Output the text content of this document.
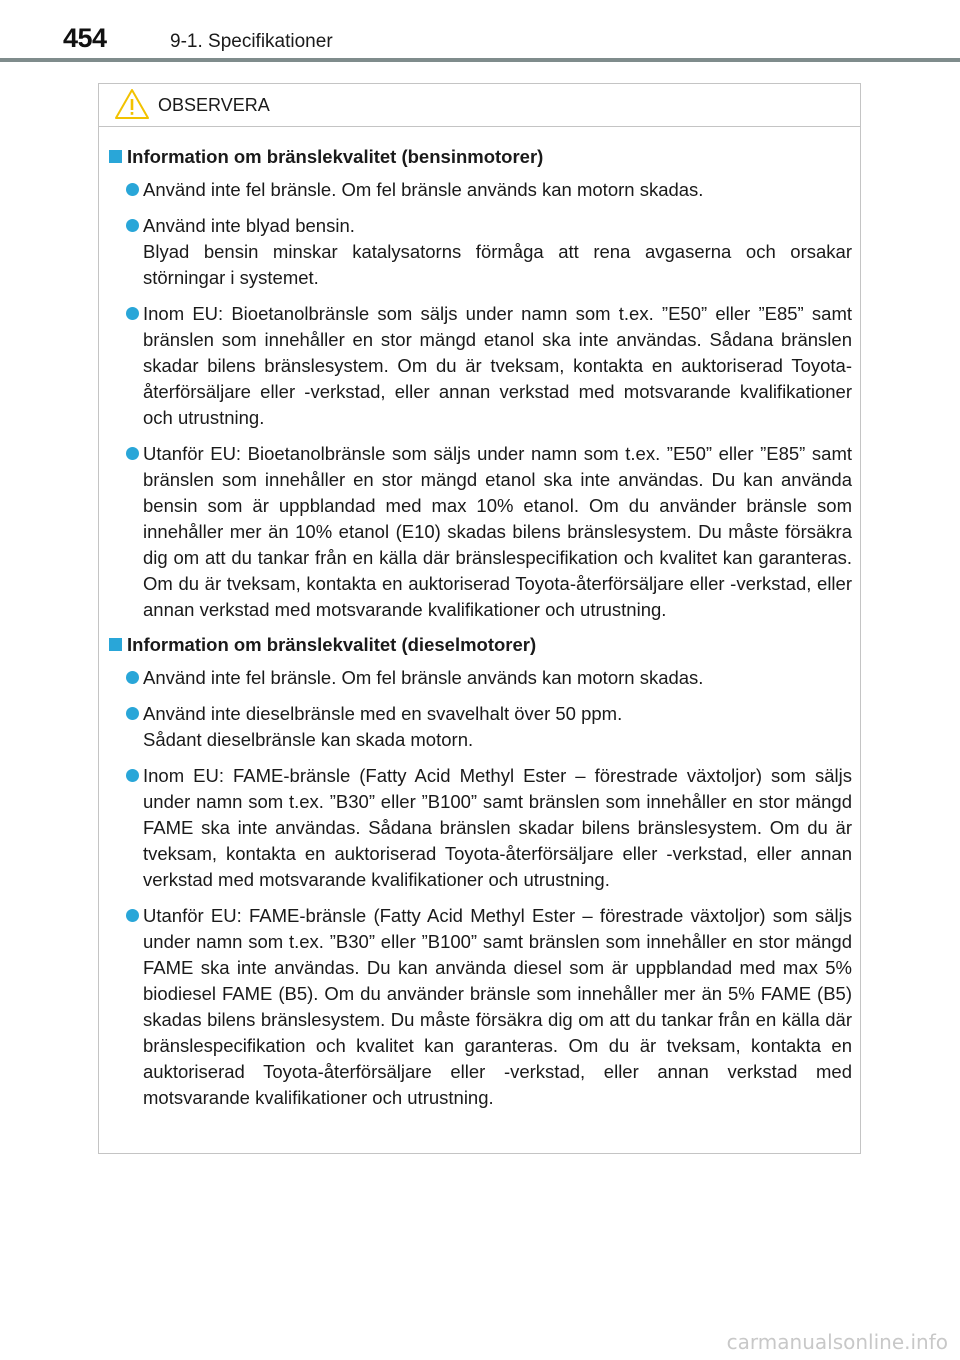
454	9-1. Specifikationer
OBSERVERA
Information om bränslekvalitet (bensinmotorer)

Använd inte fel bränsle. Om fel bränsle används kan motorn skadas.

Använd inte blyad bensin.

Blyad bensin minskar katalysatorns förmåga att rena avgaserna och orsakar störningar i systemet.

Inom EU: Bioetanolbränsle som säljs under namn som t.ex. ”E50” eller ”E85” samt bränslen som innehåller en stor mängd etanol ska inte användas. Sådana bränslen skadar bilens bränslesystem. Om du är tveksam, kontakta en auktoriserad Toyota-återförsäljare eller -verkstad, eller annan verkstad med motsvarande kvalifikationer och utrustning.

Utanför EU: Bioetanolbränsle som säljs under namn som t.ex. ”E50” eller ”E85” samt bränslen som innehåller en stor mängd etanol ska inte användas. Du kan använda bensin som är uppblandad med max 10% etanol. Om du använder bränsle som innehåller mer än 10% etanol (E10) skadas bilens bränslesystem. Du måste försäkra dig om att du tankar från en källa där bränslespecifikation och kvalitet kan garanteras. Om du är tveksam, kontakta en auktoriserad Toyota-återförsäljare eller -verkstad, eller annan verkstad med motsvarande kvalifikationer och utrustning.

Information om bränslekvalitet (dieselmotorer)

Använd inte fel bränsle. Om fel bränsle används kan motorn skadas.

Använd inte dieselbränsle med en svavelhalt över 50 ppm.

Sådant dieselbränsle kan skada motorn.

Inom EU: FAME-bränsle (Fatty Acid Methyl Ester – förestrade växtoljor) som säljs under namn som t.ex. ”B30” eller ”B100” samt bränslen som innehåller en stor mängd FAME ska inte användas. Sådana bränslen skadar bilens bränslesystem. Om du är tveksam, kontakta en auktoriserad Toyota-återförsäljare eller -verkstad, eller annan verkstad med motsvarande kvalifikationer och utrustning.

Utanför EU: FAME-bränsle (Fatty Acid Methyl Ester – förestrade växtoljor) som säljs under namn som t.ex. ”B30” eller ”B100” samt bränslen som innehåller en stor mängd FAME ska inte användas. Du kan använda diesel som är uppblandad med max 5% biodiesel FAME (B5). Om du använder bränsle som innehåller mer än 5% FAME (B5) skadas bilens bränslesystem. Du måste försäkra dig om att du tankar från en källa där bränslespecifikation och kvalitet kan garanteras. Om du är tveksam, kontakta en auktoriserad Toyota-återförsäljare eller -verkstad, eller annan verkstad med motsvarande kvalifikationer och utrustning.

carmanualsonline.info
